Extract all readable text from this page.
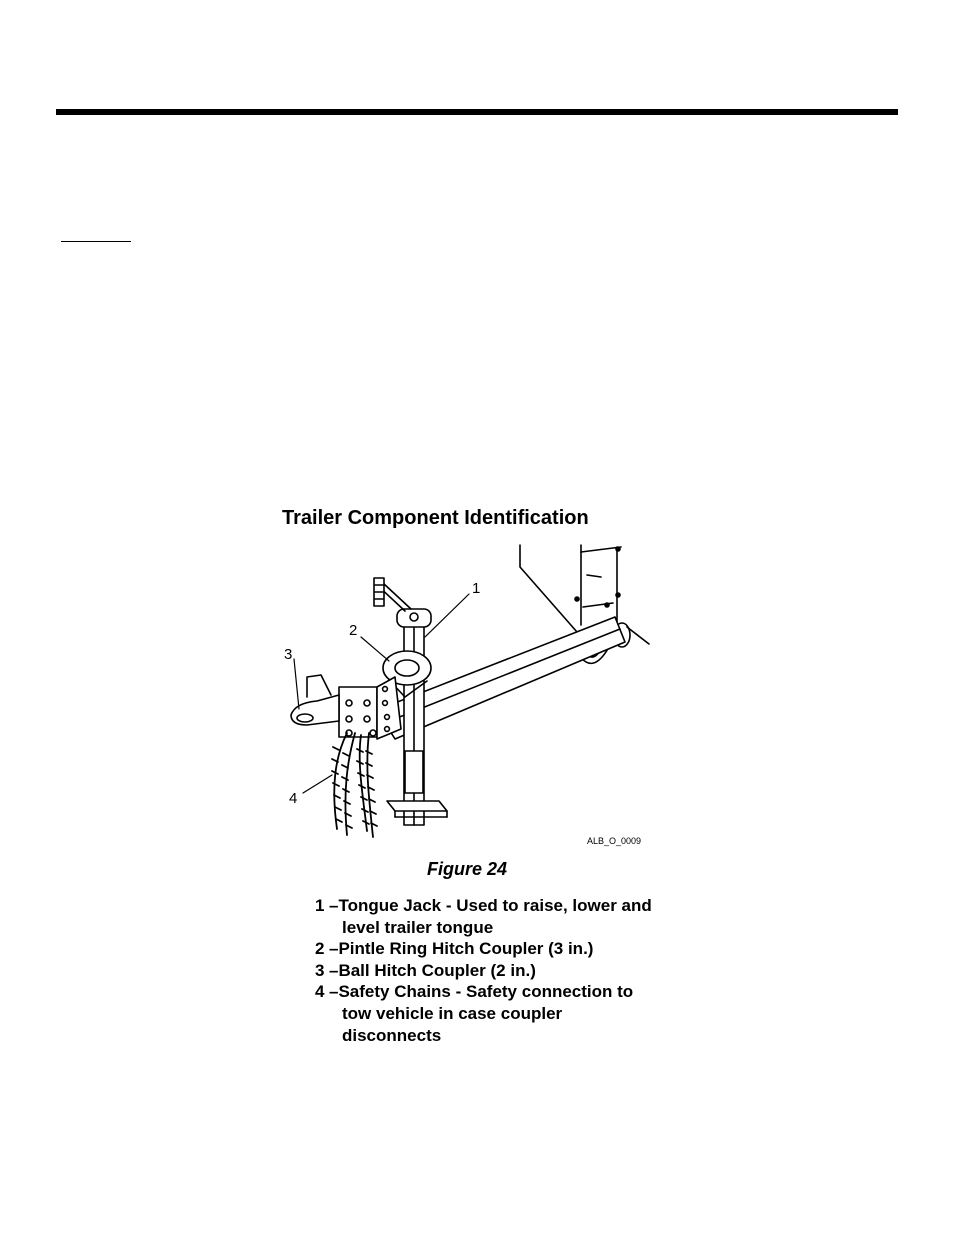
Trailer Component Identification
1
2
3
4
ALB_O_0009
Figure 24
1 –Tongue Jack - Used to raise, lower and level trailer tongue
2 –Pintle Ring Hitch Coupler (3 in.)
3 –Ball Hitch Coupler (2 in.)
4 –Safety Chains - Safety connection to tow vehicle in case coupler disconnects
